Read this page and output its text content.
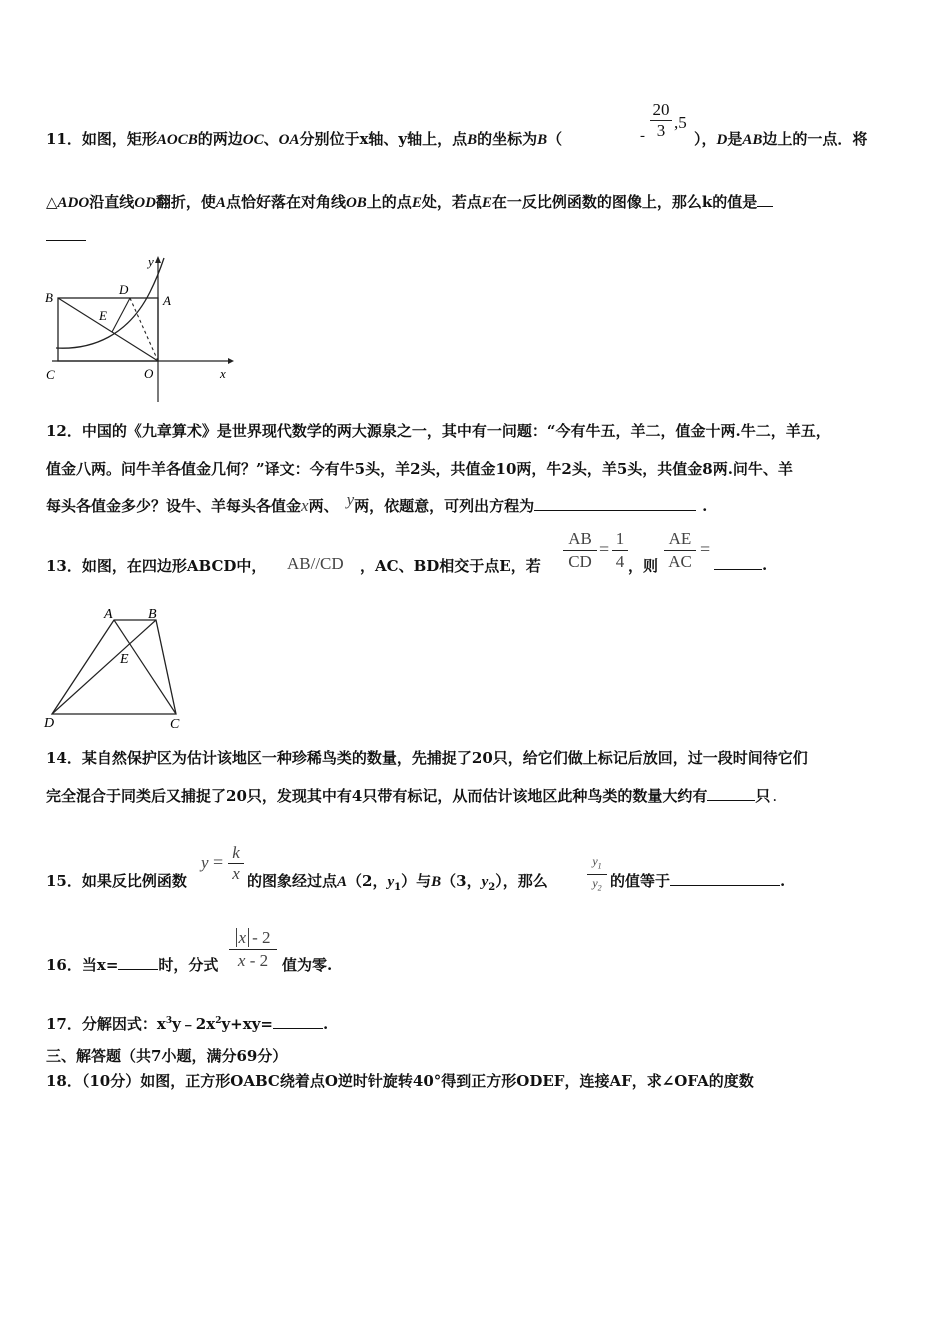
11．如图，矩形AOCB的两边OC、OA分别位于x轴、y轴上，点B的坐标为B（	- $\frac{20}{3} ,5$
），D是AB边上的一点．将
△ADO沿直线OD翻折，使A点恰好落在对角线OB上的点E处，若点E在一反比例函数的图像上，那么k的值是
B
D
A
y
E
C	O	x
12．中国的《九章算术》是世界现代数学的两大源泉之一，其中有一问题：“今有牛五，羊二，值金十两.牛二，羊五，
值金八两。问牛羊各值金几何？”译文：今有牛5头，羊2头，共值金10两，牛2头，羊5头，共值金8两.问牛、羊
每头各值金多少？设牛、羊每头各值金x两、 y两，依题意，可列出方程为	.
13．如图，在四边形ABCD中， AB//CD ，AC、BD相交于点E，若 $\frac{AB}{CD} = \frac{1}{4}$ ，则 $\frac{AE}{AC}$ =
.
A	B
E
D	C
14．某自然保护区为估计该地区一种珍稀鸟类的数量，先捕捉了20只，给它们做上标记后放回，过一段时间待它们
完全混合于同类后又捕捉了20只，发现其中有4只带有标记，从而估计该地区此种鸟类的数量大约有	只 .
15．如果反比例函数
$y = \frac{k}{x}$ 的图象经过点A（2，$y_1$）与B（3，$y_2$），那么	$\frac{y_1}{y_2}$ 的值等于	.
16．当x=	时，分式 $\frac{x - 2}{x - 2}$ 值为零.
17．分解因式：$x^3y﹣2x^2y+xy=$	.
三、解答题（共7小题，满分69分）
18．（10分）如图，正方形OABC绕着点O逆时针旋转40°得到正方形ODEF，连接AF，求∠OFA的度数
